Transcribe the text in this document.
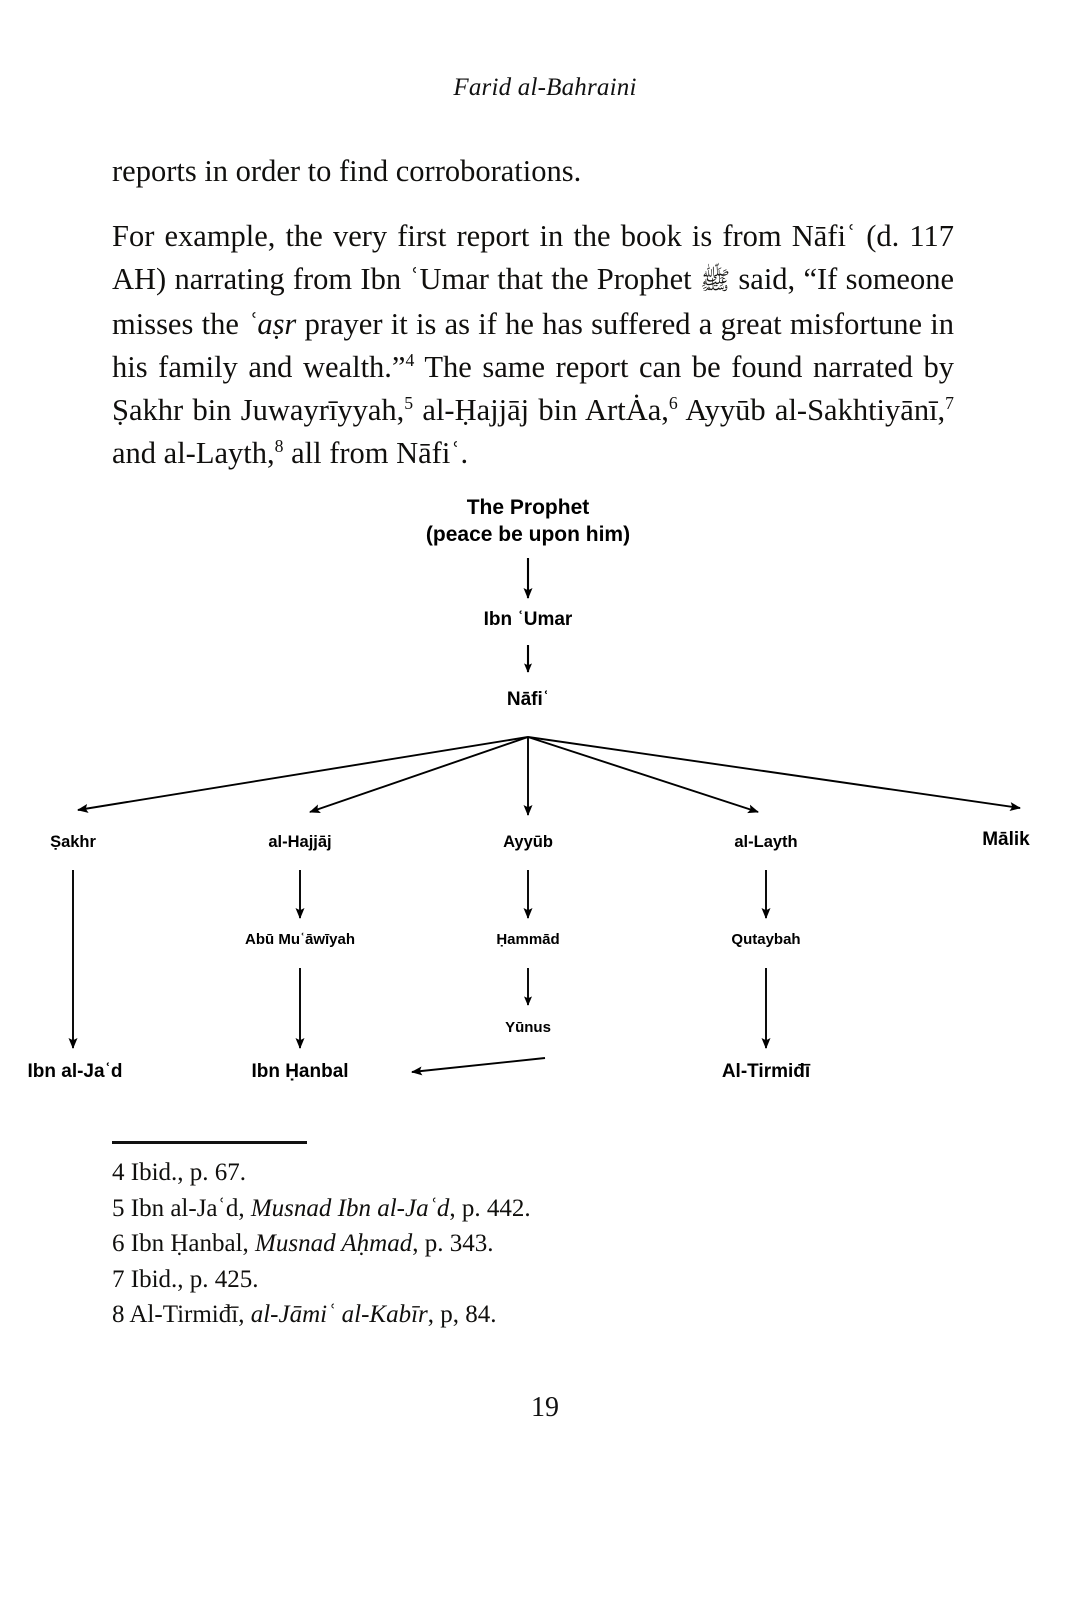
Farid al-Bahraini

reports in order to find corroborations.

For example, the very first report in the book is from Nāfiʿ (d. 117 AH) narrating from Ibn ʿUmar that the Prophet ﷺ said, “If someone misses the ʿaṣr prayer it is as if he has suffered a great misfortune in his family and wealth.”$^4$ The same report can be found narrated by Ṣakhr bin Juwayrīyyah,$^5$ al-Ḥajjāj bin ArtȦa,$^6$ Ayyūb al-Sakhtiyānī,$^7$ and al-Layth,$^8$ all from Nāfiʿ.

The Prophet
(peace be upon him)
Ibn ʿUmar
Nāfiʿ
Ṣakhr	al-Hajjāj	Ayyūb	al-Layth	Mālik
Abū Muʿāwīyah	Ḥammād	Qutaybah
Yūnus
Ibn al-Jaʿd	Ibn Ḥanbal	Al-Tirmiđī
4 Ibid., p. 67.
5 Ibn al-Jaʿd, Musnad Ibn al-Jaʿd, p. 442.
6 Ibn Ḥanbal, Musnad Aḥmad, p. 343.
7 Ibid., p. 425.
8 Al-Tirmiđī, al-Jāmiʿ al-Kabīr, p, 84.
19
